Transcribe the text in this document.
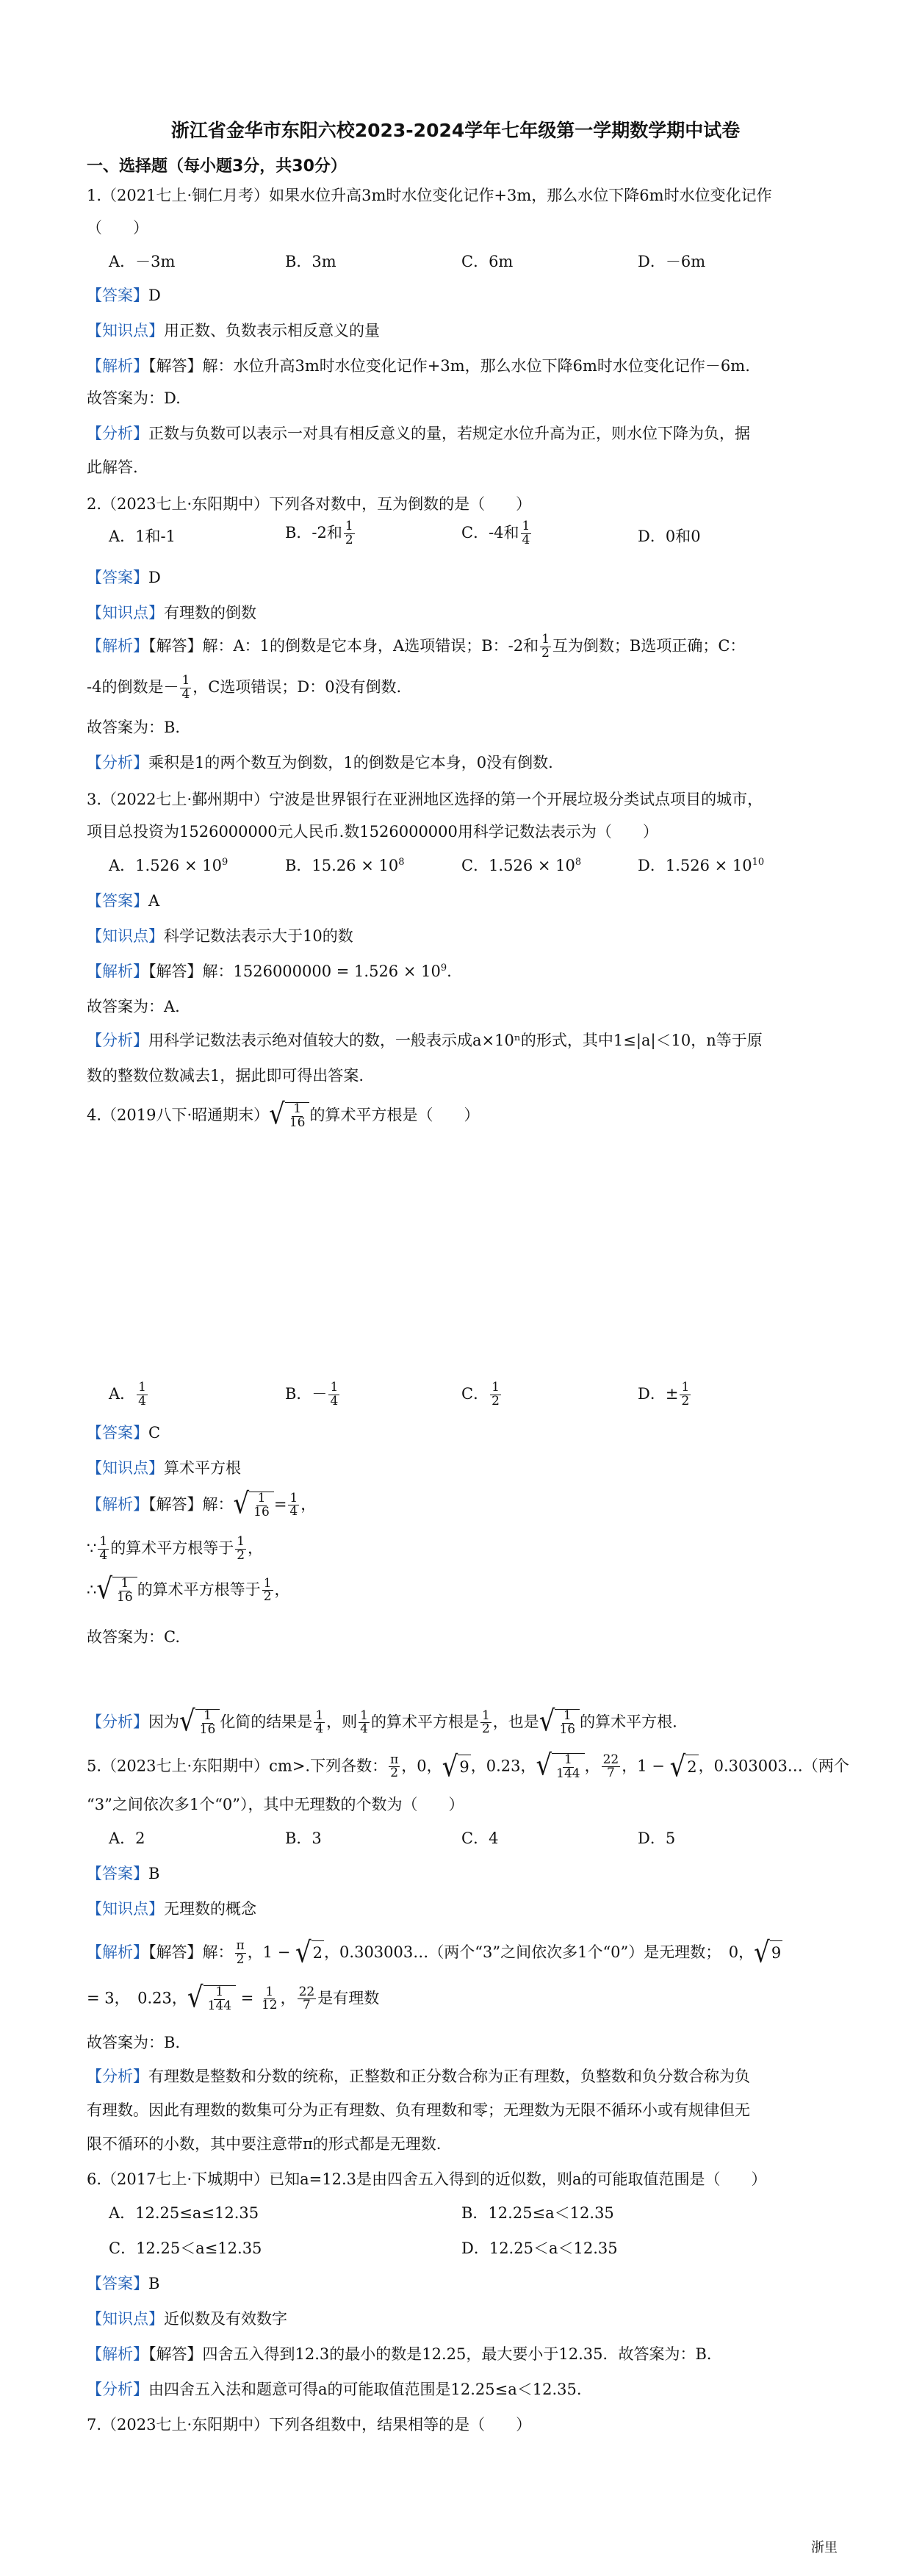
浙江省金华市东阳六校2023-2024学年七年级第一学期数学期中试卷
一、选择题（每小题3分，共30分）
1.（2021七上·铜仁月考）如果水位升高3m时水位变化记作+3m，那么水位下降6m时水位变化记作
（　　）
A．－3m	B．3m	C．6m	D．－6m
【答案】D
【知识点】用正数、负数表示相反意义的量
【解析】【解答】解：水位升高3m时水位变化记作+3m，那么水位下降6m时水位变化记作－6m.
故答案为：D.
【分析】正数与负数可以表示一对具有相反意义的量，若规定水位升高为正，则水位下降为负，据
此解答.
2.（2023七上·东阳期中）下列各对数中，互为倒数的是（　　）
A．1和-1	B．-2和 $\frac{1}{2}$	C．-4和 $\frac{1}{4}$	D．0和0
【答案】D
【知识点】有理数的倒数
【解析】【解答】解：A：1的倒数是它本身，A选项错误；B：-2和 $\frac{1}{2}$ 互为倒数；B选项正确；C：
-4的倒数是－ $\frac{1}{4}$ ，C选项错误；D：0没有倒数.
故答案为：B.
【分析】乘积是1的两个数互为倒数，1的倒数是它本身，0没有倒数.
3.（2022七上·鄞州期中）宁波是世界银行在亚洲地区选择的第一个开展垃圾分类试点项目的城市，
项目总投资为1526000000元人民币.数1526000000用科学记数法表示为（　　）
A．$1.526 \times 10^9$	B．$15.26 \times 10^8$	C．$1.526 \times 10^8$	D．$1.526 \times 10^{10}$
【答案】A
【知识点】科学记数法表示大于10的数
【解析】【解答】解：$1526000000 = 1.526 \times 10^9$.
故答案为：A.
【分析】用科学记数法表示绝对值较大的数，一般表示成a×10ⁿ的形式，其中1≤|a|＜10，n等于原
数的整数位数减去1，据此即可得出答案.
4.（2019八下·昭通期末） √ 1
16 的算术平方根是（　　）
A． $\frac{1}{4}$	B．－ $\frac{1}{4}$	C． $\frac{1}{2}$	D．± $\frac{1}{2}$
【答案】C
【知识点】算术平方根
【解析】【解答】解： √ 1
$16 = \frac{1}{4}$ ，
∵ $\frac{1}{4}$ 的算术平方根等于 $\frac{1}{2}$ ，
∴ √ 1
16 的算术平方根等于 $\frac{1}{2}$ ，
故答案为：C.
【分析】因为 √ 1
16 化简的结果是 $\frac{1}{4}$ ，则 $\frac{1}{4}$ 的算术平方根是 $\frac{1}{2}$ ，也是 √ 1
16 的算术平方根.
5.（2023七上·东阳期中）cm>.下列各数： $\frac{\pi}{2}$ ，0， √ 9 ，0.23， √ 1
144 ， $\frac{22}{7}$ ，1 − √ 2 ，0.303003…（两个
“3”之间依次多1个“0”），其中无理数的个数为（　　）
A．2	B．3	C．4	D．5
【答案】B
【知识点】无理数的概念
【解析】【解答】解： $\frac{\pi}{2}$ ，1 − √ 2 ，0.303003…（两个“3”之间依次多1个“0”）是无理数；　0， √ 9
= 3，　0.23， √ 1
$144 = \frac{1}{12}$ ， $\frac{22}{7}$ 是有理数
故答案为：B.
【分析】有理数是整数和分数的统称，正整数和正分数合称为正有理数，负整数和负分数合称为负
有理数。因此有理数的数集可分为正有理数、负有理数和零；无理数为无限不循环小或有规律但无
限不循环的小数，其中要注意带π的形式都是无理数.
6.（2017七上·下城期中）已知a=12.3是由四舍五入得到的近似数，则a的可能取值范围是（　　）
A．12.25≤a≤12.35	B．12.25≤a＜12.35
C．12.25＜a≤12.35	D．12.25＜a＜12.35
【答案】B
【知识点】近似数及有效数字
【解析】【解答】四舍五入得到12.3的最小的数是12.25，最大要小于12.35．故答案为：B．
【分析】由四舍五入法和题意可得a的可能取值范围是12.25≤a＜12.35.
7.（2023七上·东阳期中）下列各组数中，结果相等的是（　　）
浙里
